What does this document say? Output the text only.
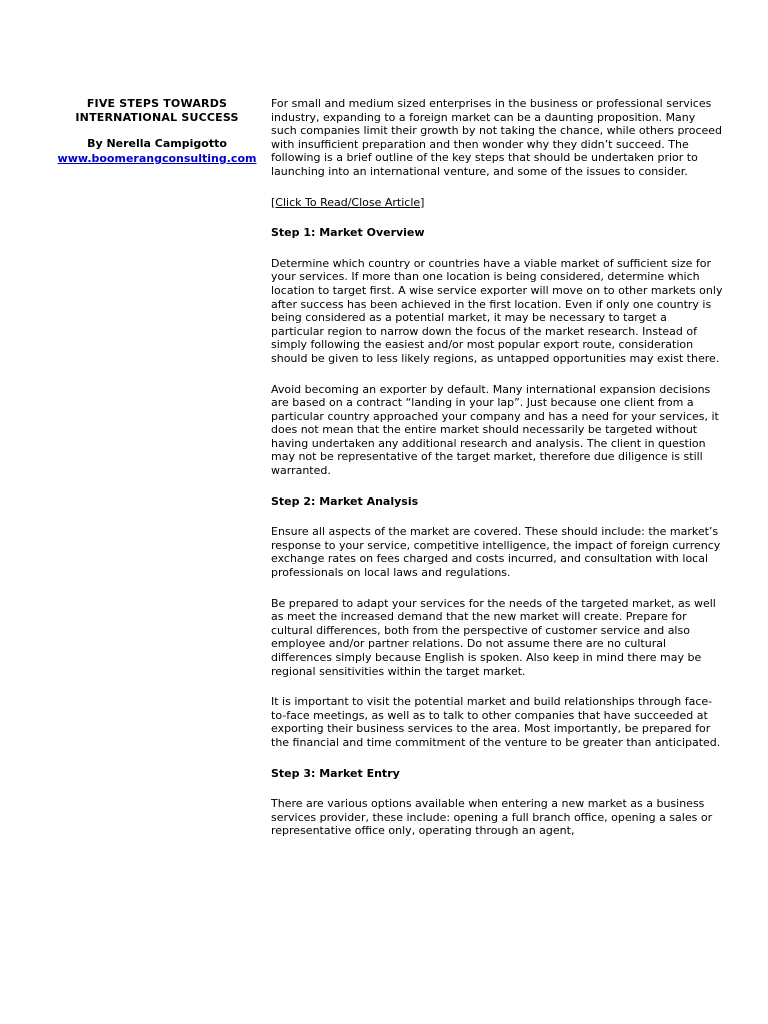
FIVE STEPS TOWARDS
INTERNATIONAL SUCCESS
By Nerella Campigotto
www.boomerangconsulting.com

For small and medium sized enterprises in the business or professional services industry, expanding to a foreign market can be a daunting proposition. Many such companies limit their growth by not taking the chance, while others proceed with insufficient preparation and then wonder why they didn’t succeed. The following is a brief outline of the key steps that should be undertaken prior to launching into an international venture, and some of the issues to consider.

[Click To Read/Close Article]
Step 1: Market Overview

Determine which country or countries have a viable market of sufficient size for your services. If more than one location is being considered, determine which location to target first. A wise service exporter will move on to other markets only after success has been achieved in the first location. Even if only one country is being considered as a potential market, it may be necessary to target a particular region to narrow down the focus of the market research. Instead of simply following the easiest and/or most popular export route, consideration should be given to less likely regions, as untapped opportunities may exist there.

Avoid becoming an exporter by default. Many international expansion decisions are based on a contract “landing in your lap”. Just because one client from a particular country approached your company and has a need for your services, it does not mean that the entire market should necessarily be targeted without having undertaken any additional research and analysis. The client in question may not be representative of the target market, therefore due diligence is still warranted.

Step 2: Market Analysis

Ensure all aspects of the market are covered. These should include: the market’s response to your service, competitive intelligence, the impact of foreign currency exchange rates on fees charged and costs incurred, and consultation with local professionals on local laws and regulations.

Be prepared to adapt your services for the needs of the targeted market, as well as meet the increased demand that the new market will create. Prepare for cultural differences, both from the perspective of customer service and also employee and/or partner relations. Do not assume there are no cultural differences simply because English is spoken. Also keep in mind there may be regional sensitivities within the target market.

It is important to visit the potential market and build relationships through face-to-face meetings, as well as to talk to other companies that have succeeded at exporting their business services to the area. Most importantly, be prepared for the financial and time commitment of the venture to be greater than anticipated.

Step 3: Market Entry

There are various options available when entering a new market as a business services provider, these include: opening a full branch office, opening a sales or representative office only, operating through an agent,
